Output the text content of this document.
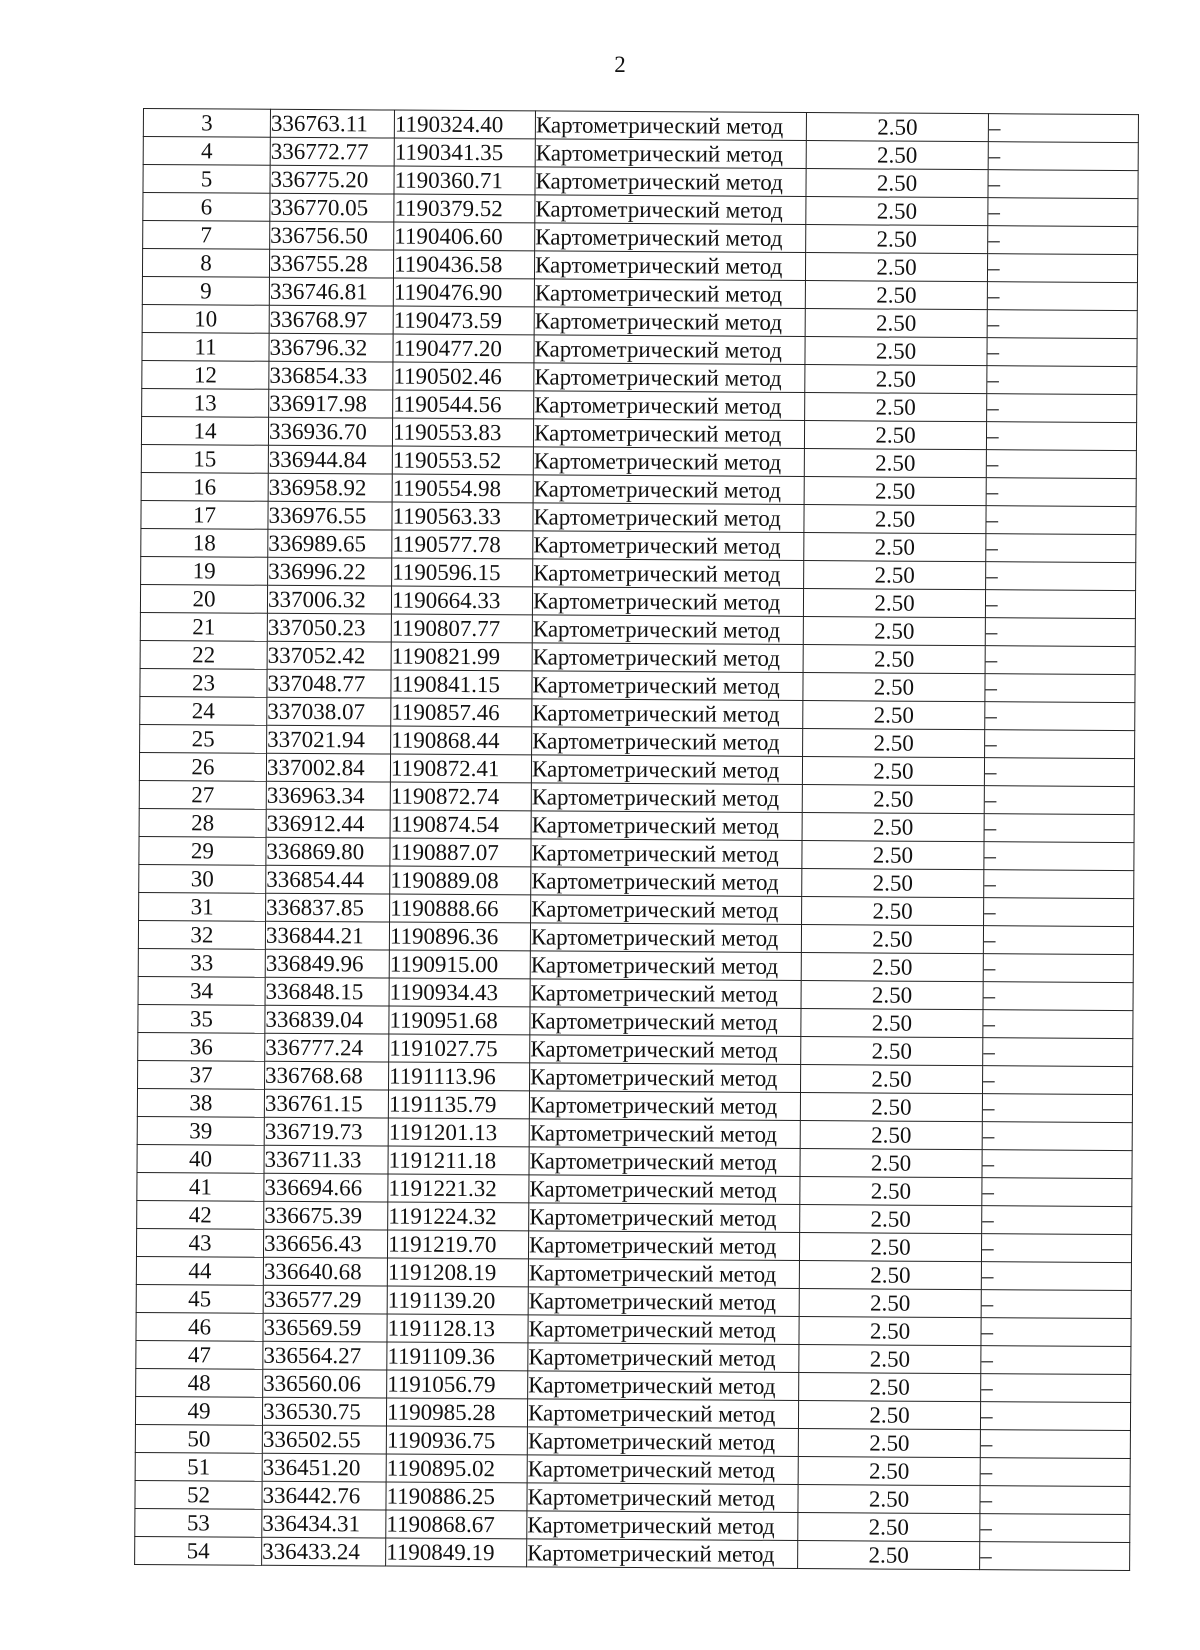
2
3	336763.11	1190324.40	Картометрический метод	2.50	–
4	336772.77	1190341.35	Картометрический метод	2.50	–
5	336775.20	1190360.71	Картометрический метод	2.50	–
6	336770.05	1190379.52	Картометрический метод	2.50	–
7	336756.50	1190406.60	Картометрический метод	2.50	–
8	336755.28	1190436.58	Картометрический метод	2.50	–
9	336746.81	1190476.90	Картометрический метод	2.50	–
10	336768.97	1190473.59	Картометрический метод	2.50	–
11	336796.32	1190477.20	Картометрический метод	2.50	–
12	336854.33	1190502.46	Картометрический метод	2.50	–
13	336917.98	1190544.56	Картометрический метод	2.50	–
14	336936.70	1190553.83	Картометрический метод	2.50	–
15	336944.84	1190553.52	Картометрический метод	2.50	–
16	336958.92	1190554.98	Картометрический метод	2.50	–
17	336976.55	1190563.33	Картометрический метод	2.50	–
18	336989.65	1190577.78	Картометрический метод	2.50	–
19	336996.22	1190596.15	Картометрический метод	2.50	–
20	337006.32	1190664.33	Картометрический метод	2.50	–
21	337050.23	1190807.77	Картометрический метод	2.50	–
22	337052.42	1190821.99	Картометрический метод	2.50	–
23	337048.77	1190841.15	Картометрический метод	2.50	–
24	337038.07	1190857.46	Картометрический метод	2.50	–
25	337021.94	1190868.44	Картометрический метод	2.50	–
26	337002.84	1190872.41	Картометрический метод	2.50	–
27	336963.34	1190872.74	Картометрический метод	2.50	–
28	336912.44	1190874.54	Картометрический метод	2.50	–
29	336869.80	1190887.07	Картометрический метод	2.50	–
30	336854.44	1190889.08	Картометрический метод	2.50	–
31	336837.85	1190888.66	Картометрический метод	2.50	–
32	336844.21	1190896.36	Картометрический метод	2.50	–
33	336849.96	1190915.00	Картометрический метод	2.50	–
34	336848.15	1190934.43	Картометрический метод	2.50	–
35	336839.04	1190951.68	Картометрический метод	2.50	–
36	336777.24	1191027.75	Картометрический метод	2.50	–
37	336768.68	1191113.96	Картометрический метод	2.50	–
38	336761.15	1191135.79	Картометрический метод	2.50	–
39	336719.73	1191201.13	Картометрический метод	2.50	–
40	336711.33	1191211.18	Картометрический метод	2.50	–
41	336694.66	1191221.32	Картометрический метод	2.50	–
42	336675.39	1191224.32	Картометрический метод	2.50	–
43	336656.43	1191219.70	Картометрический метод	2.50	–
44	336640.68	1191208.19	Картометрический метод	2.50	–
45	336577.29	1191139.20	Картометрический метод	2.50	–
46	336569.59	1191128.13	Картометрический метод	2.50	–
47	336564.27	1191109.36	Картометрический метод	2.50	–
48	336560.06	1191056.79	Картометрический метод	2.50	–
49	336530.75	1190985.28	Картометрический метод	2.50	–
50	336502.55	1190936.75	Картометрический метод	2.50	–
51	336451.20	1190895.02	Картометрический метод	2.50	–
52	336442.76	1190886.25	Картометрический метод	2.50	–
53	336434.31	1190868.67	Картометрический метод	2.50	–
54	336433.24	1190849.19	Картометрический метод	2.50	–
